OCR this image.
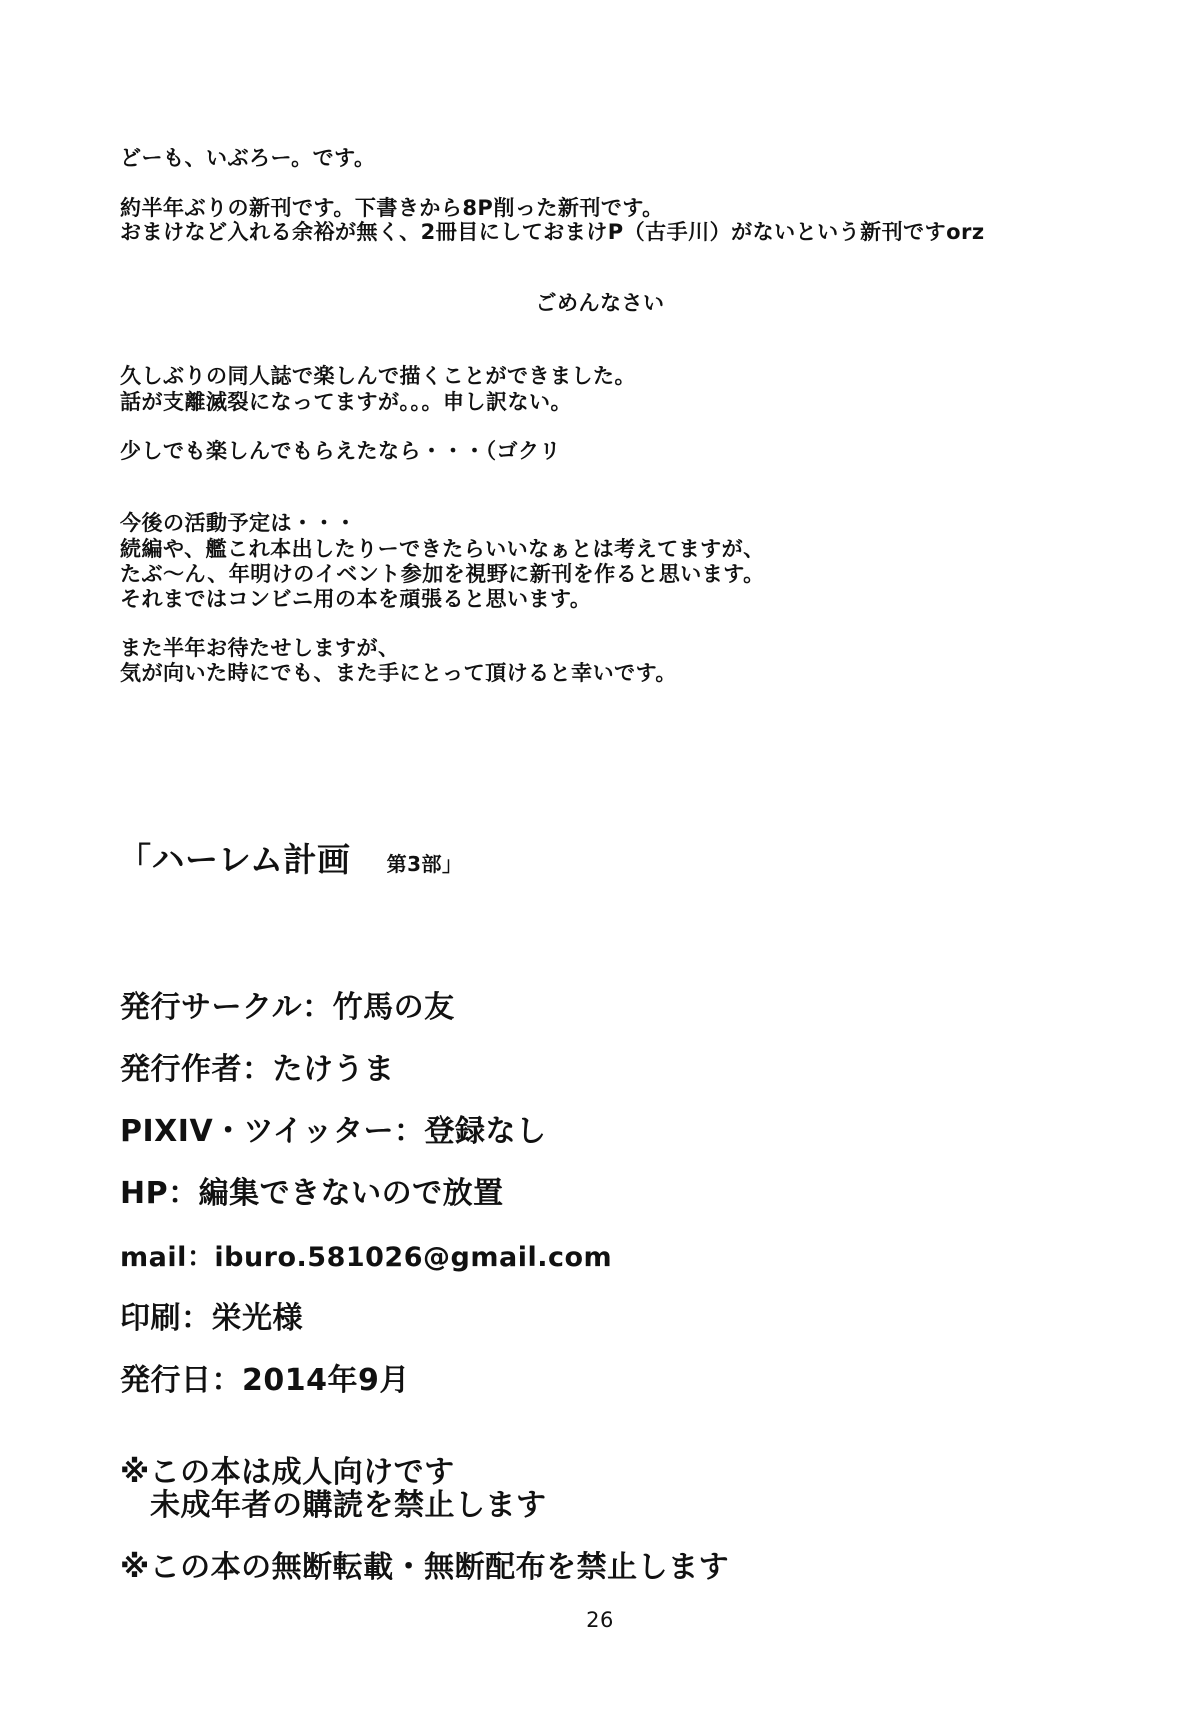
どーも、いぶろー。です。

約半年ぶりの新刊です。下書きから8P削った新刊です。

おまけなど入れる余裕が無く、2冊目にしておまけP（古手川）がないという新刊ですorz

ごめんなさい

久しぶりの同人誌で楽しんで描くことができました。

話が支離滅裂になってますが。。。申し訳ない。

少しでも楽しんでもらえたなら・・・（ゴクリ

今後の活動予定は・・・

続編や、艦これ本出したりーできたらいいなぁとは考えてますが、

たぶ～ん、年明けのイベント参加を視野に新刊を作ると思います。

それまではコンビニ用の本を頑張ると思います。

また半年お待たせしますが、

気が向いた時にでも、また手にとって頂けると幸いです。

「ハーレム計画 第3部」

発行サークル：竹馬の友

発行作者：たけうま

PIXIV・ツイッター：登録なし

HP：編集できないので放置

mail：iburo.581026@gmail.com

印刷：栄光様

発行日：2014年9月

※この本は成人向けです

未成年者の購読を禁止します

※この本の無断転載・無断配布を禁止します

26
